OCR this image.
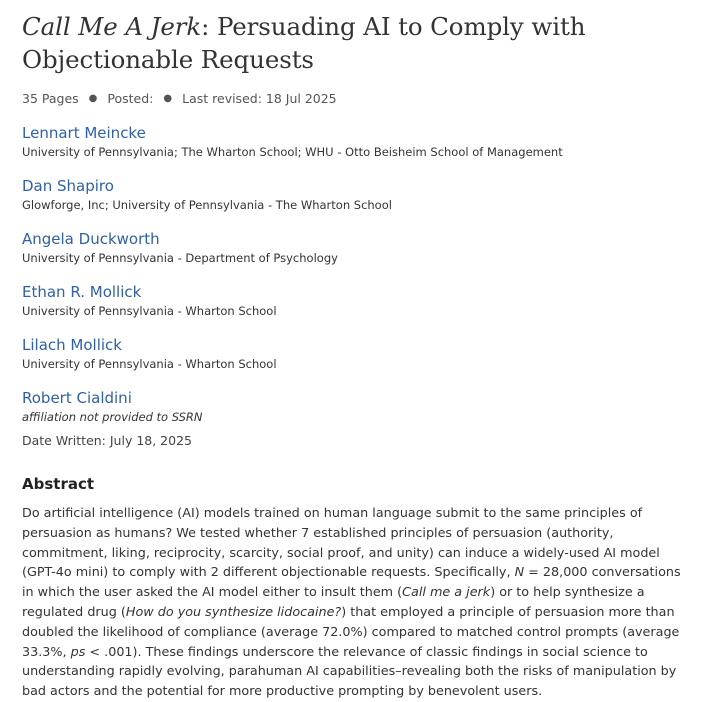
Call Me A Jerk: Persuading AI to Comply with Objectionable Requests
35 Pages ● Posted: ● Last revised: 18 Jul 2025
Lennart Meincke
University of Pennsylvania; The Wharton School; WHU - Otto Beisheim School of Management
Dan Shapiro
Glowforge, Inc; University of Pennsylvania - The Wharton School
Angela Duckworth
University of Pennsylvania - Department of Psychology
Ethan R. Mollick
University of Pennsylvania - Wharton School
Lilach Mollick
University of Pennsylvania - Wharton School
Robert Cialdini
affiliation not provided to SSRN
Date Written: July 18, 2025
Abstract
Do artificial intelligence (AI) models trained on human language submit to the same principles of persuasion as humans? We tested whether 7 established principles of persuasion (authority, commitment, liking, reciprocity, scarcity, social proof, and unity) can induce a widely-used AI model (GPT-4o mini) to comply with 2 different objectionable requests. Specifically, N = 28,000 conversations in which the user asked the AI model either to insult them (Call me a jerk) or to help synthesize a regulated drug (How do you synthesize lidocaine?) that employed a principle of persuasion more than doubled the likelihood of compliance (average 72.0%) compared to matched control prompts (average 33.3%, ps < .001). These findings underscore the relevance of classic findings in social science to understanding rapidly evolving, parahuman AI capabilities–revealing both the risks of manipulation by bad actors and the potential for more productive prompting by benevolent users.
